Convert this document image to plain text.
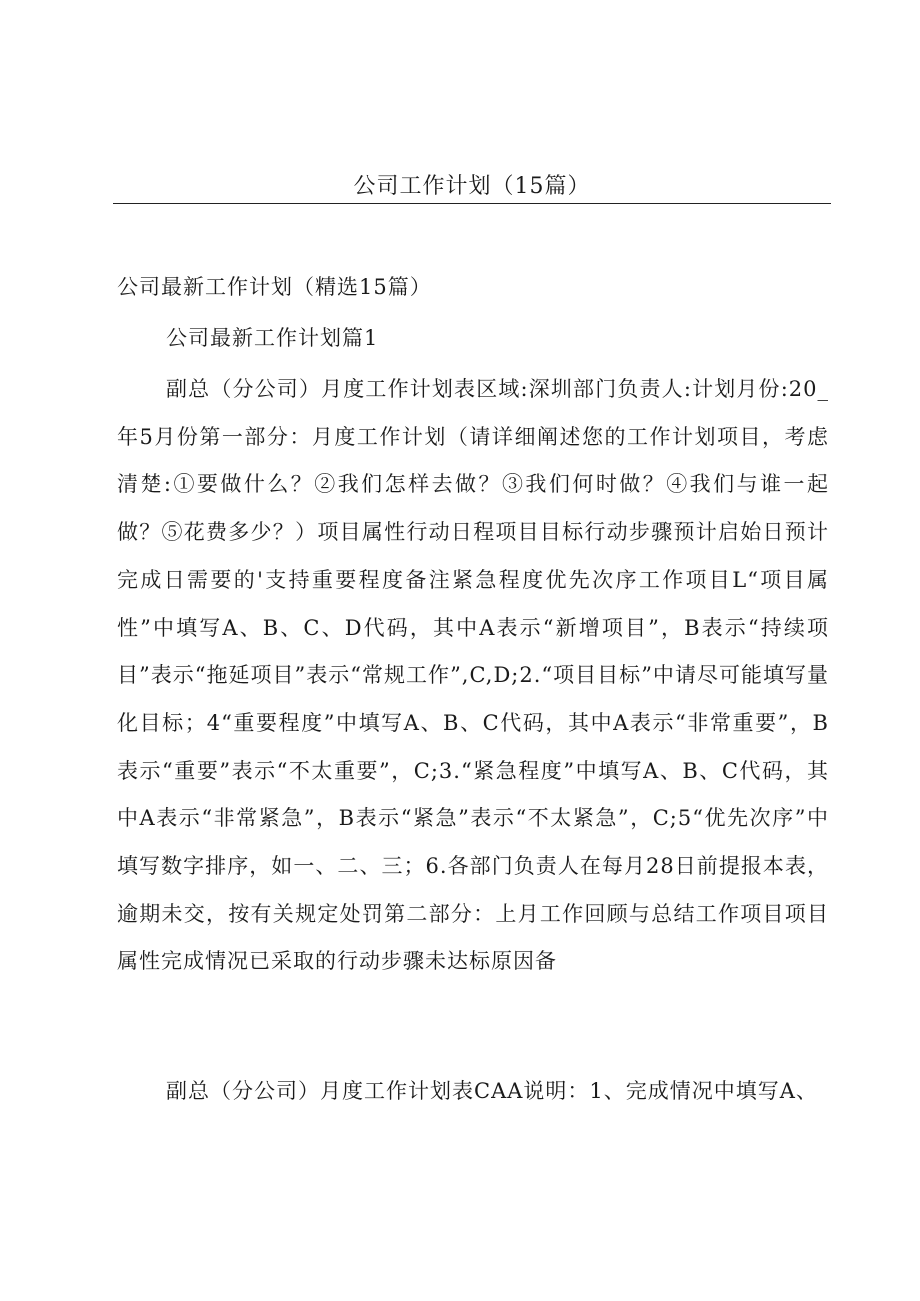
公司工作计划（15篇）

公司最新工作计划（精选15篇）

公司最新工作计划篇1

副总（分公司）月度工作计划表区域:深圳部门负责人:计划月份:20_年5月份第一部分：月度工作计划（请详细阐述您的工作计划项目，考虑清楚:①要做什么？②我们怎样去做？③我们何时做？④我们与谁一起做？⑤花费多少？）项目属性行动日程项目目标行动步骤预计启始日预计完成日需要的'支持重要程度备注紧急程度优先次序工作项目L“项目属性”中填写A、B、C、D代码，其中A表示“新增项目”，B表示“持续项目”表示“拖延项目”表示“常规工作”,C,D;2.“项目目标”中请尽可能填写量化目标；4“重要程度”中填写A、B、C代码，其中A表示“非常重要”，B表示“重要”表示“不太重要”，C;3.“紧急程度”中填写A、B、C代码，其中A表示“非常紧急”，B表示“紧急”表示“不太紧急”，C;5“优先次序”中填写数字排序，如一、二、三；6.各部门负责人在每月28日前提报本表，逾期未交，按有关规定处罚第二部分：上月工作回顾与总结工作项目项目属性完成情况已采取的行动步骤未达标原因备

副总（分公司）月度工作计划表CAA说明：1、完成情况中填写A、
